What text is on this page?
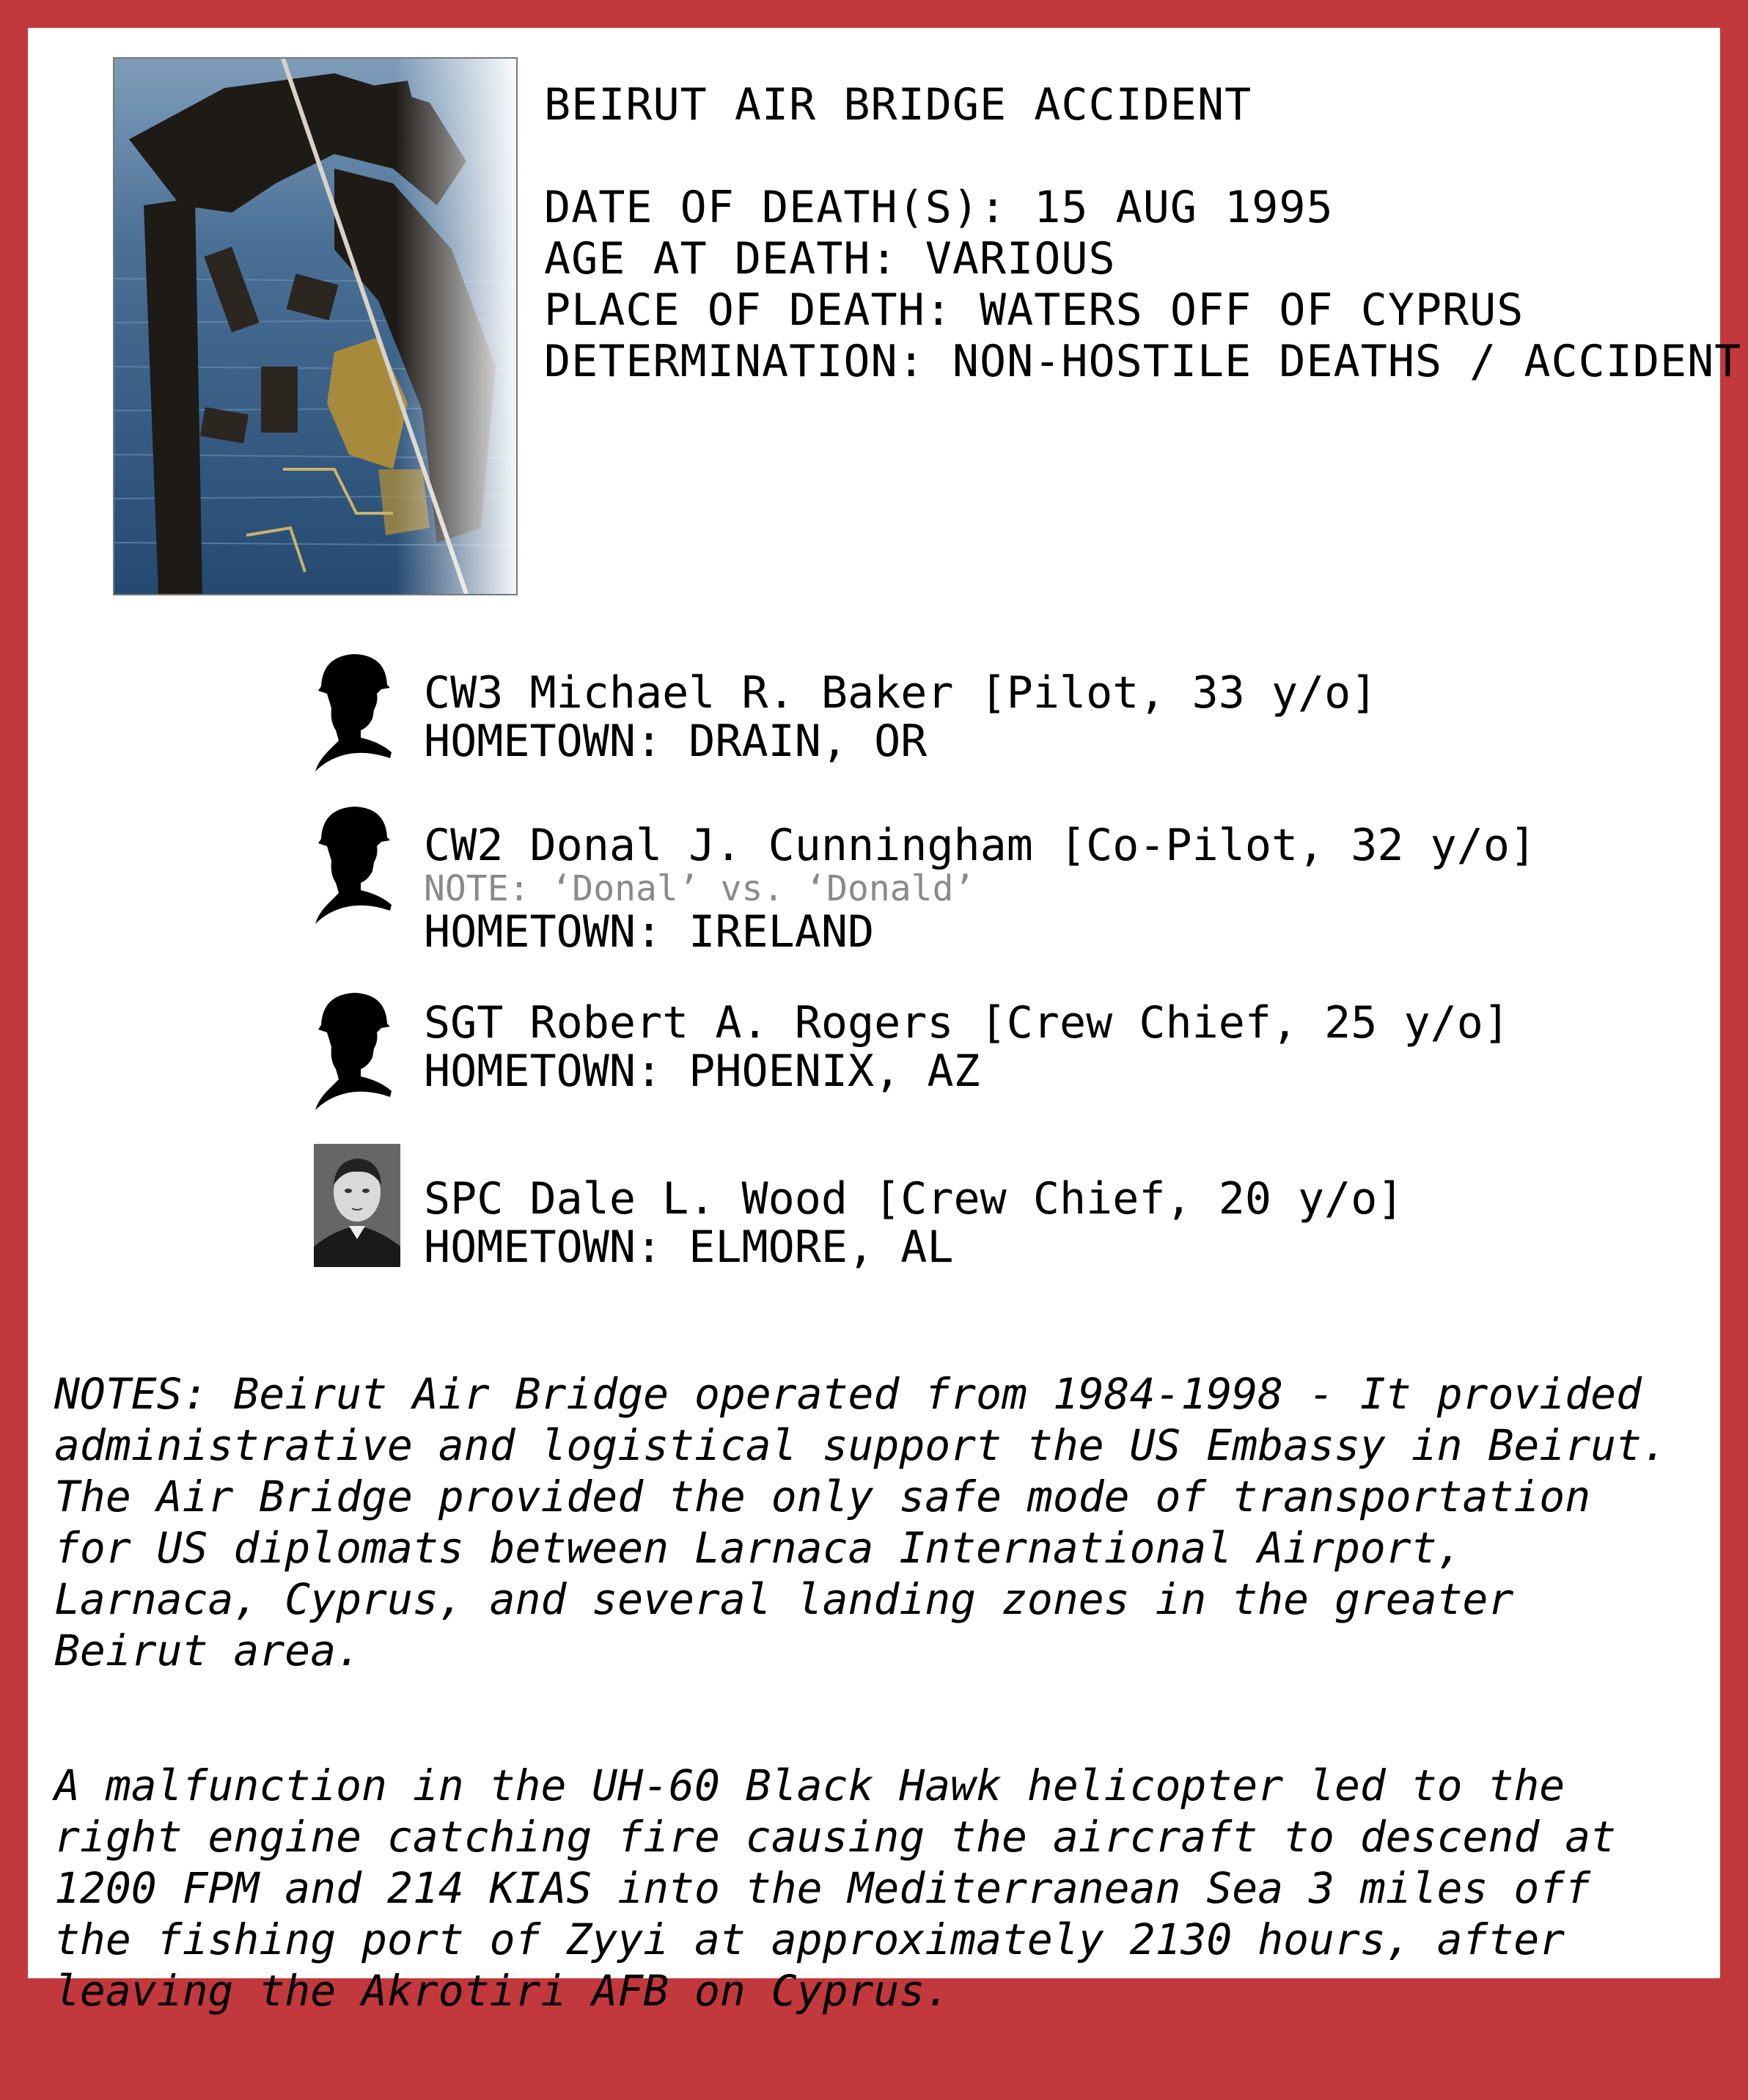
BEIRUT AIR BRIDGE ACCIDENT
DATE OF DEATH(S): 15 AUG 1995
AGE AT DEATH: VARIOUS
PLACE OF DEATH: WATERS OFF OF CYPRUS
DETERMINATION: NON-HOSTILE DEATHS / ACCIDENT
CW3 Michael R. Baker [Pilot, 33 y/o]
HOMETOWN: DRAIN, OR
CW2 Donal J. Cunningham [Co-Pilot, 32 y/o]
NOTE: ‘Donal’ vs. ‘Donald’
HOMETOWN: IRELAND
SGT Robert A. Rogers [Crew Chief, 25 y/o]
HOMETOWN: PHOENIX, AZ
SPC Dale L. Wood [Crew Chief, 20 y/o]
HOMETOWN: ELMORE, AL

NOTES: Beirut Air Bridge operated from 1984-1998 - It provided
administrative and logistical support the US Embassy in Beirut.
The Air Bridge provided the only safe mode of transportation
for US diplomats between Larnaca International Airport,
Larnaca, Cyprus, and several landing zones in the greater
Beirut area.

A malfunction in the UH-60 Black Hawk helicopter led to the
right engine catching fire causing the aircraft to descend at
1200 FPM and 214 KIAS into the Mediterranean Sea 3 miles off
the fishing port of Zyyi at approximately 2130 hours, after
leaving the Akrotiri AFB on Cyprus.
